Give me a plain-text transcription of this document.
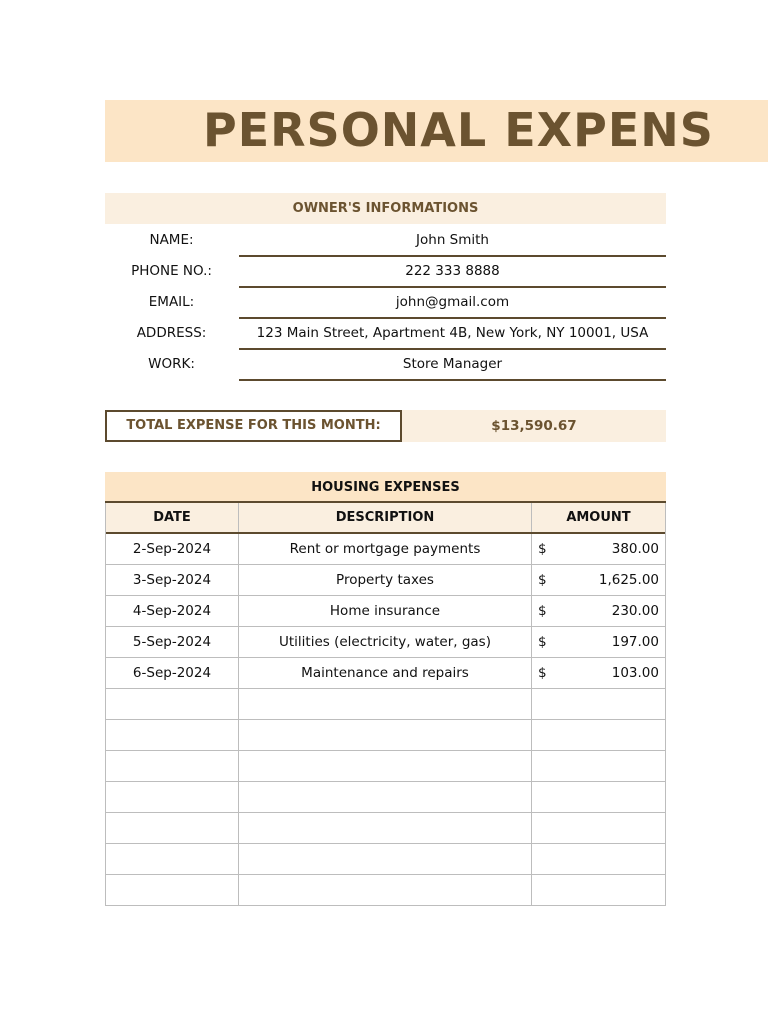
PERSONAL EXPENS
OWNER'S INFORMATIONS
NAME:	John Smith
PHONE NO.:	222 333 8888
EMAIL:	john@gmail.com
ADDRESS:	123 Main Street, Apartment 4B, New York, NY 10001, USA
WORK:	Store Manager
TOTAL EXPENSE FOR THIS MONTH:	$13,590.67
HOUSING EXPENSES
DATE	DESCRIPTION	AMOUNT
2-Sep-2024	Rent or mortgage payments	$	380.00
3-Sep-2024	Property taxes	$	1,625.00
4-Sep-2024	Home insurance	$	230.00
5-Sep-2024	Utilities (electricity, water, gas)	$	197.00
6-Sep-2024	Maintenance and repairs	$	103.00
